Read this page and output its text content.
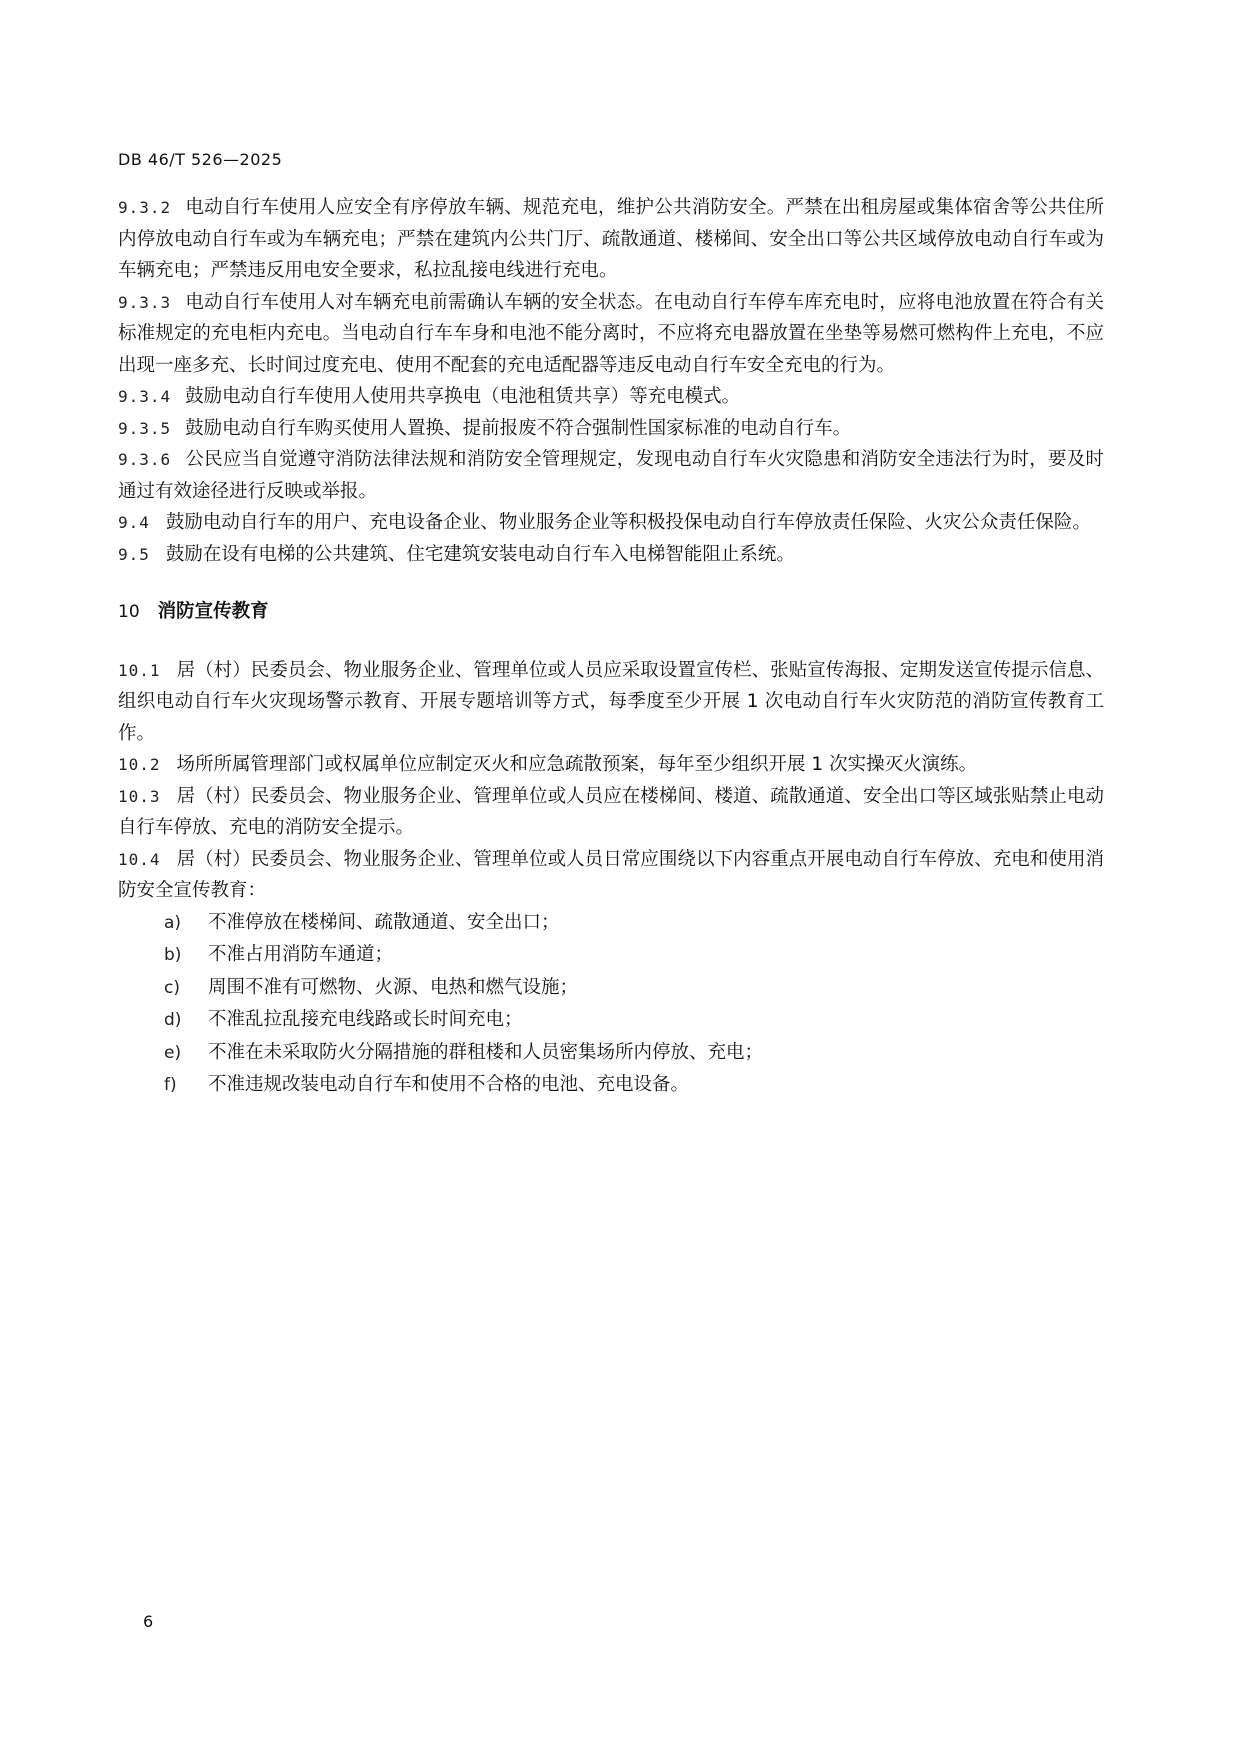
DB 46/T 526—2025

9.3.2 电动自行车使用人应安全有序停放车辆、规范充电，维护公共消防安全。严禁在出租房屋或集体宿舍等公共住所内停放电动自行车或为车辆充电；严禁在建筑内公共门厅、疏散通道、楼梯间、安全出口等公共区域停放电动自行车或为车辆充电；严禁违反用电安全要求，私拉乱接电线进行充电。

9.3.3 电动自行车使用人对车辆充电前需确认车辆的安全状态。在电动自行车停车库充电时，应将电池放置在符合有关标准规定的充电柜内充电。当电动自行车车身和电池不能分离时，不应将充电器放置在坐垫等易燃可燃构件上充电，不应出现一座多充、长时间过度充电、使用不配套的充电适配器等违反电动自行车安全充电的行为。

9.3.4 鼓励电动自行车使用人使用共享换电（电池租赁共享）等充电模式。

9.3.5 鼓励电动自行车购买使用人置换、提前报废不符合强制性国家标准的电动自行车。

9.3.6 公民应当自觉遵守消防法律法规和消防安全管理规定，发现电动自行车火灾隐患和消防安全违法行为时，要及时通过有效途径进行反映或举报。

9.4 鼓励电动自行车的用户、充电设备企业、物业服务企业等积极投保电动自行车停放责任保险、火灾公众责任保险。

9.5 鼓励在设有电梯的公共建筑、住宅建筑安装电动自行车入电梯智能阻止系统。

10 消防宣传教育

10.1 居（村）民委员会、物业服务企业、管理单位或人员应采取设置宣传栏、张贴宣传海报、定期发送宣传提示信息、组织电动自行车火灾现场警示教育、开展专题培训等方式，每季度至少开展 1 次电动自行车火灾防范的消防宣传教育工作。

10.2 场所所属管理部门或权属单位应制定灭火和应急疏散预案，每年至少组织开展 1 次实操灭火演练。

10.3 居（村）民委员会、物业服务企业、管理单位或人员应在楼梯间、楼道、疏散通道、安全出口等区域张贴禁止电动自行车停放、充电的消防安全提示。

10.4 居（村）民委员会、物业服务企业、管理单位或人员日常应围绕以下内容重点开展电动自行车停放、充电和使用消防安全宣传教育：

a) 不准停放在楼梯间、疏散通道、安全出口；
b) 不准占用消防车通道；
c) 周围不准有可燃物、火源、电热和燃气设施；
d) 不准乱拉乱接充电线路或长时间充电；
e) 不准在未采取防火分隔措施的群租楼和人员密集场所内停放、充电；
f) 不准违规改装电动自行车和使用不合格的电池、充电设备。
6
